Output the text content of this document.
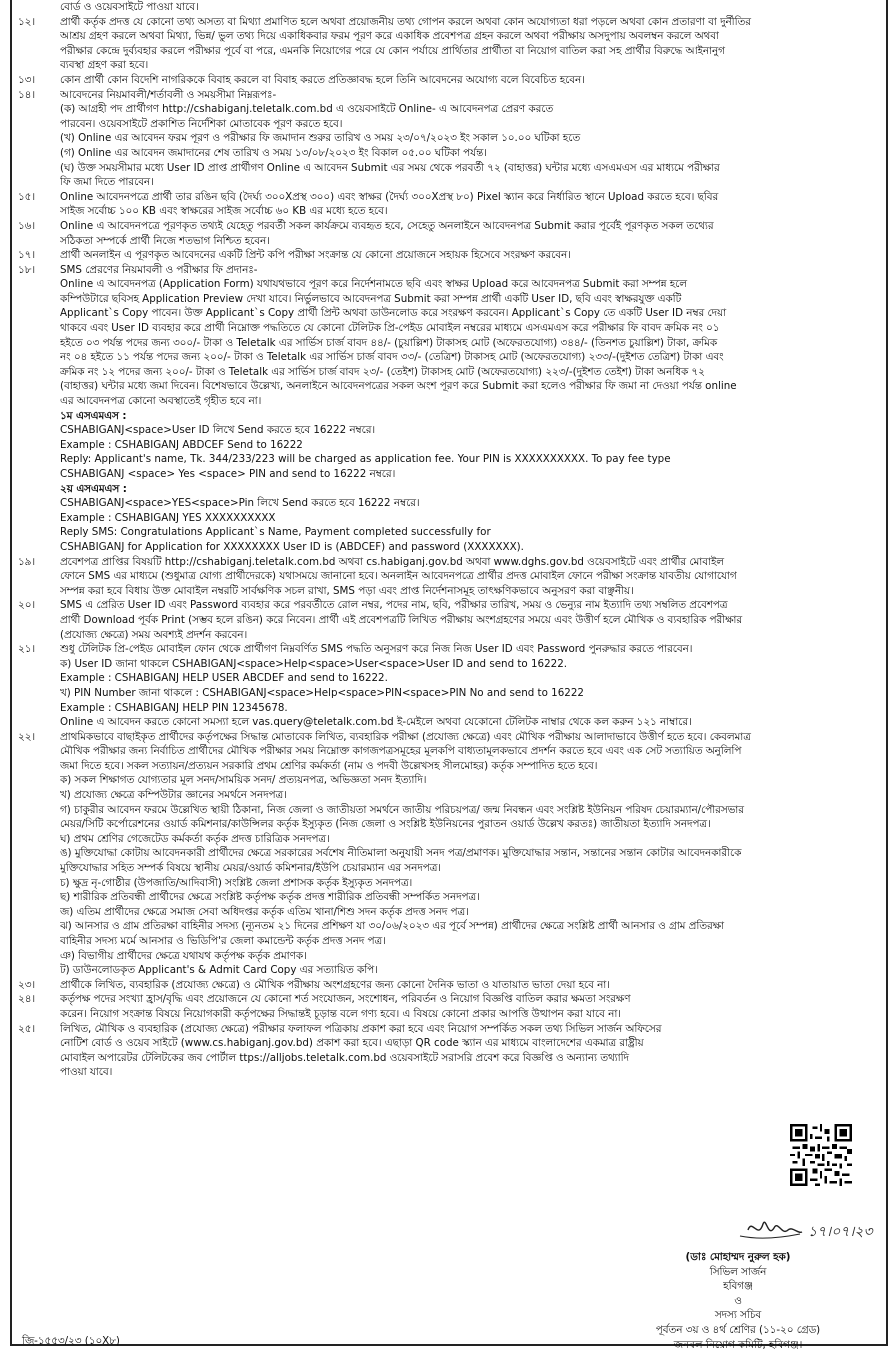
বোর্ড ও ওয়েবসাইটে পাওয়া যাবে।
১২।	প্রার্থী কর্তৃক প্রদত্ত যে কোনো তথ্য অসত্য বা মিথ্যা প্রমাণিত হলে অথবা প্রয়োজনীয় তথ্য গোপন করলে অথবা কোন অযোগ্যতা ধরা পড়লে অথবা কোন প্রতারণা বা দুর্নীতির
আশ্রয় গ্রহণ করলে অথবা মিথ্যা, ভিন্ন/ ভুল তথ্য দিয়ে একাধিকবার ফরম পূরণ করে একাধিক প্রবেশপত্র গ্রহন করলে অথবা পরীক্ষায় অসদুপায় অবলম্বন করলে অথবা
পরীক্ষার কেন্দ্রে দুর্ব্যবহার করলে পরীক্ষার পূর্বে বা পরে, এমনকি নিয়োগের পরে যে কোন পর্যায়ে প্রার্থিতার প্রার্থীতা বা নিয়োগ বাতিল করা সহ প্রার্থীর বিরুদ্ধে আইনানুগ
ব্যবস্থা গ্রহণ করা হবে।
১৩।	কোন প্রার্থী কোন বিদেশি নাগরিককে বিবাহ করলে বা বিবাহ করতে প্রতিজ্ঞাবদ্ধ হলে তিনি আবেদনের অযোগ্য বলে বিবেচিত হবেন।
১৪।	আবেদনের নিয়মাবলী/শর্তাবলী ও সময়সীমা নিম্নরূপঃ-
(ক) আগ্রহী পদ প্রার্থীগণ http://cshabiganj.teletalk.com.bd এ ওয়েবসাইটে Online- এ আবেদনপত্র প্রেরণ করতে
পারবেন। ওয়েবসাইটে প্রকাশিত নির্দেশিকা মোতাবেক পূরণ করতে হবে।
(খ) Online এর আবেদন ফরম পূরণ ও পরীক্ষার ফি জমাদান শুরুর তারিখ ও সময় ২৩/০৭/২০২৩ ইং সকাল ১০.০০ ঘটিকা হতে
(গ) Online এর আবেদন জমাদানের শেষ তারিখ ও সময় ১৩/০৮/২০২৩ ইং বিকাল ০৫.০০ ঘটিকা পর্যন্ত।
(ঘ) উক্ত সময়সীমার মধ্যে User ID প্রাপ্ত প্রার্থীগণ Online এ আবেদন Submit এর সময় থেকে পরবর্তী ৭২ (বাহাত্তর) ঘন্টার মধ্যে এসএমএস এর মাধ্যমে পরীক্ষার
ফি জমা দিতে পারবেন।
১৫।	Online আবেদনপত্রে প্রার্থী তার রঙিন ছবি (দৈর্ঘ্য ৩০০Xপ্রস্থ ৩০০) এবং স্বাক্ষর (দৈর্ঘ্য ৩০০Xপ্রস্থ ৮০) Pixel স্ক্যান করে নির্ধারিত স্থানে Upload করতে হবে। ছবির
সাইজ সর্বোচ্চ ১০০ KB এবং স্বাক্ষরের সাইজ সর্বোচ্চ ৬০ KB এর মধ্যে হতে হবে।
১৬।	Online এ আবেদনপত্রে পূরণকৃত তথ্যই যেহেতু পরবর্তী সকল কার্যক্রমে ব্যবহৃত হবে, সেহেতু অনলাইনে আবেদনপত্র Submit করার পূর্বেই পূরণকৃত সকল তথ্যের
সঠিকতা সম্পর্কে প্রার্থী নিজে শতভাগ নিশ্চিত হবেন।
১৭।	প্রার্থী অনলাইন এ পূরণকৃত আবেদনের একটি প্রিন্ট কপি পরীক্ষা সংক্রান্ত যে কোনো প্রয়োজনে সহায়ক হিসেবে সংরক্ষণ করবেন।
১৮।	SMS প্রেরণের নিয়মাবলী ও পরীক্ষার ফি প্রদানঃ-
Online এ আবেদনপত্র (Application Form) যথাযথভাবে পূরণ করে নির্দেশনামতে ছবি এবং স্বাক্ষর Upload করে আবেদনপত্র Submit করা সম্পন্ন হলে
কম্পিউটারে ছবিসহ Application Preview দেখা যাবে। নির্ভুলভাবে আবেদনপত্র Submit করা সম্পন্ন প্রার্থী একটি User ID, ছবি এবং স্বাক্ষরযুক্ত একটি
Applicant`s Copy পাবেন। উক্ত Applicant`s Copy প্রার্থী প্রিন্ট অথবা ডাউনলোড করে সংরক্ষণ করবেন। Applicant`s Copy তে একটি User ID নম্বর দেয়া
থাকবে এবং User ID ব্যবহার করে প্রার্থী নিম্নোক্ত পদ্ধতিতে যে কোনো টেলিটক প্রি-পেইড মোবাইল নম্বরের মাধ্যমে এসএমএস করে পরীক্ষার ফি বাবদ ক্রমিক নং ০১
হইতে ০৩ পর্যন্ত পদের জন্য ৩০০/- টাকা ও Teletalk এর সার্ভিস চার্জ বাবদ ৪৪/- (চুয়াল্লিশ) টাকাসহ মোট (অফেরতযোগ্য) ৩৪৪/- (তিনশত চুয়াল্লিশ) টাকা, ক্রমিক
নং ০৪ হইতে ১১ পর্যন্ত পদের জন্য ২০০/- টাকা ও Teletalk এর সার্ভিস চার্জ বাবদ ৩৩/- (তেত্রিশ) টাকাসহ মোট (অফেরতযোগ্য) ২৩৩/-(দুইশত তেত্রিশ) টাকা এবং
ক্রমিক নং ১২ পদের জন্য ২০০/- টাকা ও Teletalk এর সার্ভিস চার্জ বাবদ ২৩/- (তেইশ) টাকাসহ মোট (অফেরতযোগ্য) ২২৩/-(দুইশত তেইশ) টাকা অনধিক ৭২
(বাহাত্তর) ঘন্টার মধ্যে জমা দিবেন। বিশেষভাবে উল্লেখ্য, অনলাইনে আবেদনপত্রের সকল অংশ পূরণ করে Submit করা হলেও পরীক্ষার ফি জমা না দেওয়া পর্যন্ত online
এর আবেদনপত্র কোনো অবস্থাতেই গৃহীত হবে না।
১ম এসএমএস :
CSHABIGANJ<space>User ID লিখে Send করতে হবে 16222 নম্বরে।
Example : CSHABIGANJ ABDCEF Send to 16222
Reply: Applicant's name, Tk. 344/233/223 will be charged as application fee. Your PIN is XXXXXXXXXX. To pay fee type
CSHABIGANJ <space> Yes <space> PIN and send to 16222 নম্বরে।
২য় এসএমএস :
CSHABIGANJ<space>YES<space>Pin লিখে Send করতে হবে 16222 নম্বরে।
Example : CSHABIGANJ YES XXXXXXXXXX
Reply SMS: Congratulations Applicant`s Name, Payment completed successfully for
CSHABIGANJ for Application for XXXXXXXX User ID is (ABDCEF) and password (XXXXXXX).
১৯।	প্রবেশপত্র প্রাপ্তির বিষয়টি http://cshabiganj.teletalk.com.bd অথবা cs.habiganj.gov.bd অথবা www.dghs.gov.bd ওয়েবসাইটে এবং প্রার্থীর মোবাইল
ফোনে SMS এর মাধ্যমে (শুধুমাত্র যোগ্য প্রার্থীদেরকে) যথাসময়ে জানানো হবে। অনলাইন আবেদনপত্রে প্রার্থীর প্রদত্ত মোবাইল ফোনে পরীক্ষা সংক্রান্ত যাবতীয় যোগাযোগ
সম্পন্ন করা হবে বিধায় উক্ত মোবাইল নম্বরটি সার্বক্ষণিক সচল রাখা, SMS পড়া এবং প্রাপ্ত নির্দেশনাসমূহ তাৎক্ষণিকভাবে অনুসরণ করা বাঞ্ছনীয়।
২০।	SMS এ প্রেরিত User ID এবং Password ব্যবহার করে পরবর্তীতে রোল নম্বর, পদের নাম, ছবি, পরীক্ষার তারিখ, সময় ও ভেন্যুর নাম ইত্যাদি তথ্য সম্বলিত প্রবেশপত্র
প্রার্থী Download পূর্বক Print (সম্ভব হলে রঙিন) করে নিবেন। প্রার্থী এই প্রবেশপত্রটি লিখিত পরীক্ষায় অংশগ্রহণের সময়ে এবং উত্তীর্ণ হলে মৌখিক ও ব্যবহারিক পরীক্ষার
(প্রযোজ্য ক্ষেত্রে) সময় অবশ্যই প্রদর্শন করবেন।
২১।	শুধু টেলিটক প্রি-পেইড মোবাইল ফোন থেকে প্রার্থীগণ নিম্নবর্ণিত SMS পদ্ধতি অনুসরণ করে নিজ নিজ User ID এবং Password পুনরুদ্ধার করতে পারবেন।
ক) User ID জানা থাকলে CSHABIGANJ<space>Help<space>User<space>User ID and send to 16222.
Example : CSHABIGANJ HELP USER ABCDEF and send to 16222.
খ) PIN Number জানা থাকলে : CSHABIGANJ<space>Help<space>PIN<space>PIN No and send to 16222
Example : CSHABIGANJ HELP PIN 12345678.
Online এ আবেদন করতে কোনো সমস্যা হলে vas.query@teletalk.com.bd ই-মেইলে অথবা যেকোনো টেলিটক নাম্বার থেকে কল করুন ১২১ নাম্বারে।
২২।	প্রাথমিকভাবে বাছাইকৃত প্রার্থীদের কর্তৃপক্ষের সিদ্ধান্ত মোতাবেক লিখিত, ব্যবহারিক পরীক্ষা (প্রযোজ্য ক্ষেত্রে) এবং মৌখিক পরীক্ষায় আলাদাভাবে উত্তীর্ণ হতে হবে। কেবলমাত্র
মৌখিক পরীক্ষার জন্য নির্বাচিত প্রার্থীদের মৌখিক পরীক্ষার সময় নিম্নোক্ত কাগজপত্রসমূহের মূলকপি বাধ্যতামূলকভাবে প্রদর্শন করতে হবে এবং এক সেট সত্যায়িত অনুলিপি
জমা দিতে হবে। সকল সত্যায়ন/প্রত্যয়ন সরকারি প্রথম শ্রেণির কর্মকর্তা (নাম ও পদবী উল্লেখসহ সীলমোহর) কর্তৃক সম্পাদিত হতে হবে।
ক) সকল শিক্ষাগত যোগ্যতার মূল সনদ/সাময়িক সনদ/ প্রত্যয়নপত্র, অভিজ্ঞতা সনদ ইত্যাদি।
খ) প্রযোজ্য ক্ষেত্রে কম্পিউটার জ্ঞানের সমর্থনে সনদপত্র।
গ) চাকুরীর আবেদন ফরমে উল্লেখিত স্থায়ী ঠিকানা, নিজ জেলা ও জাতীয়তা সমর্থনে জাতীয় পরিচয়পত্র/ জন্ম নিবন্ধন এবং সংশ্লিষ্ট ইউনিয়ন পরিষদ চেয়ারম্যান/পৌরসভার
মেয়র/সিটি কর্পোরেশনের ওয়ার্ড কমিশনার/কাউন্সিলর কর্তৃক ইস্যুকৃত (নিজ জেলা ও সংশ্লিষ্ট ইউনিয়নের পুরাতন ওয়ার্ড উল্লেখ করতঃ) জাতীয়তা ইত্যাদি সনদপত্র।
ঘ) প্রথম শ্রেণির গেজেটেড কর্মকর্তা কর্তৃক প্রদত্ত চারিত্রিক সনদপত্র।
ঙ) মুক্তিযোদ্ধা কোটায় আবেদনকারী প্রার্থীদের ক্ষেত্রে সরকারের সর্বশেষ নীতিমালা অনুযায়ী সনদ পত্র/প্রমাণক। মুক্তিযোদ্ধার সন্তান, সন্তানের সন্তান কোটার আবেদনকারীকে
মুক্তিযোদ্ধার সহিত সম্পর্ক বিষয়ে স্থানীয় মেয়র/ওয়ার্ড কমিশনার/ইউপি চেয়ারম্যান এর সনদপত্র।
চ) ক্ষুদ্র নৃ-গোষ্ঠীর (উপজাতি/আদিবাসী) সংশ্লিষ্ট জেলা প্রশাসক কর্তৃক ইস্যুকৃত সনদপত্র।
ছ) শারীরিক প্রতিবন্ধী প্রার্থীদের ক্ষেত্রে সংশ্লিষ্ট কর্তৃপক্ষ কর্তৃক প্রদত্ত শারীরিক প্রতিবন্ধী সম্পর্কিত সনদপত্র।
জ) এতিম প্রার্থীদের ক্ষেত্রে সমাজ সেবা অধিদপ্তর কর্তৃক এতিম খানা/শিশু সদন কর্তৃক প্রদত্ত সনদ পত্র।
ঝ) আনসার ও গ্রাম প্রতিরক্ষা বাহিনীর সদস্য (ন্যূনতম ২১ দিনের প্রশিক্ষণ যা ৩০/০৬/২০২৩ এর পূর্বে সম্পন্ন) প্রার্থীদের ক্ষেত্রে সংশ্লিষ্ট প্রার্থী আনসার ও গ্রাম প্রতিরক্ষা
বাহিনীর সদস্য মর্মে আনসার ও ভিডিপি'র জেলা কমান্ডেন্ট কর্তৃক প্রদত্ত সনদ পত্র।
ঞ) বিভাগীয় প্রার্থীদের ক্ষেত্রে যথাযথ কর্তৃপক্ষ কর্তৃক প্রমাণক।
ট) ডাউনলোডকৃত Applicant's & Admit Card Copy এর সত্যায়িত কপি।
২৩।	প্রার্থীকে লিখিত, ব্যবহারিক (প্রযোজ্য ক্ষেত্রে) ও মৌখিক পরীক্ষায় অংশগ্রহণের জন্য কোনো দৈনিক ভাতা ও যাতায়াত ভাতা দেয়া হবে না।
২৪।	কর্তৃপক্ষ পদের সংখ্যা হ্রাস/বৃদ্ধি এবং প্রয়োজনে যে কোনো শর্ত সংযোজন, সংশোধন, পরিবর্তন ও নিয়োগ বিজ্ঞপ্তি বাতিল করার ক্ষমতা সংরক্ষণ
করেন। নিয়োগ সংক্রান্ত বিষয়ে নিয়োগকারী কর্তৃপক্ষের সিদ্ধান্তই চূড়ান্ত বলে গণ্য হবে। এ বিষয়ে কোনো প্রকার আপত্তি উত্থাপন করা যাবে না।
২৫।	লিখিত, মৌখিক ও ব্যবহারিক (প্রযোজ্য ক্ষেত্রে) পরীক্ষার ফলাফল পত্রিকায় প্রকাশ করা হবে এবং নিয়োগ সম্পর্কিত সকল তথ্য সিভিল সার্জন অফিসের
নোটিশ বোর্ড ও ওয়েব সাইটে (www.cs.habiganj.gov.bd) প্রকাশ করা হবে। এছাড়া QR code স্ক্যান এর মাধ্যমে বাংলাদেশের একমাত্র রাষ্ট্রীয়
মোবাইল অপারেটর টেলিটকের জব পোর্টাল ttps://alljobs.teletalk.com.bd ওয়েবসাইটে সরাসরি প্রবেশ করে বিজ্ঞপ্তি ও অন্যান্য তথ্যাদি
পাওয়া যাবে।
১৭।০৭।২৩
(ডাঃ মোহাম্মদ নুরুল হক)
সিভিল সার্জন
হবিগঞ্জ
ও
সদস্য সচিব
পূর্বতন ৩য় ও ৪র্থ শ্রেণির (১১-২০ গ্রেড)
জনবল নিয়োগ কমিটি, হবিগঞ্জ।
জি-১৫৫৩/২৩ (১০X৮)
